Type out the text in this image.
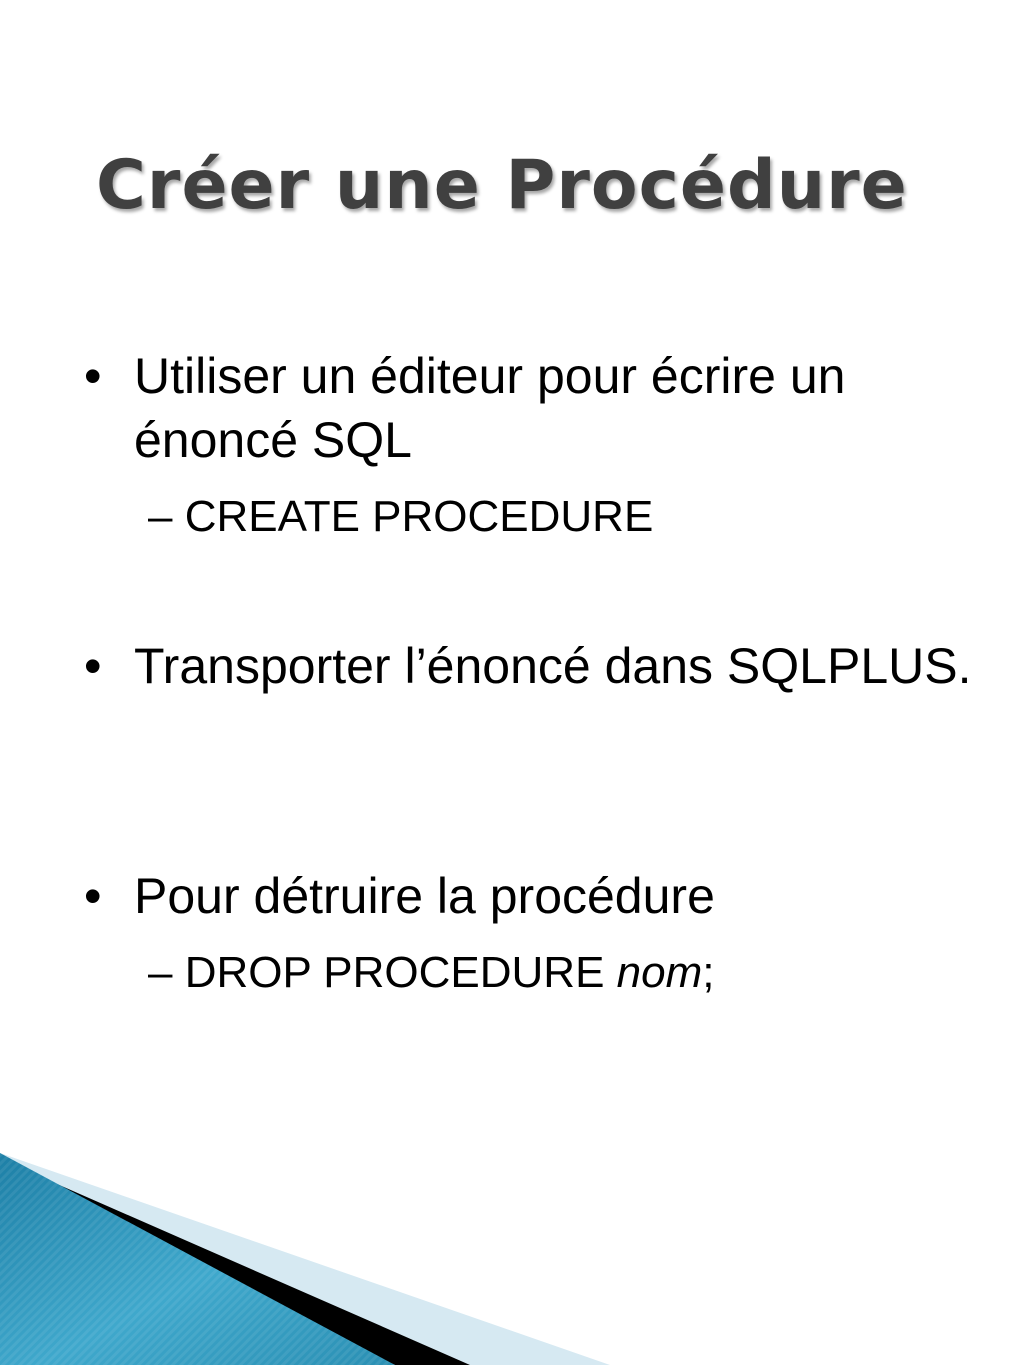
Créer une Procédure
• Utiliser un éditeur pour écrire un énoncé SQL
– CREATE PROCEDURE
• Transporter l’énoncé dans SQLPLUS.
• Pour détruire la procédure
– DROP PROCEDURE nom;
